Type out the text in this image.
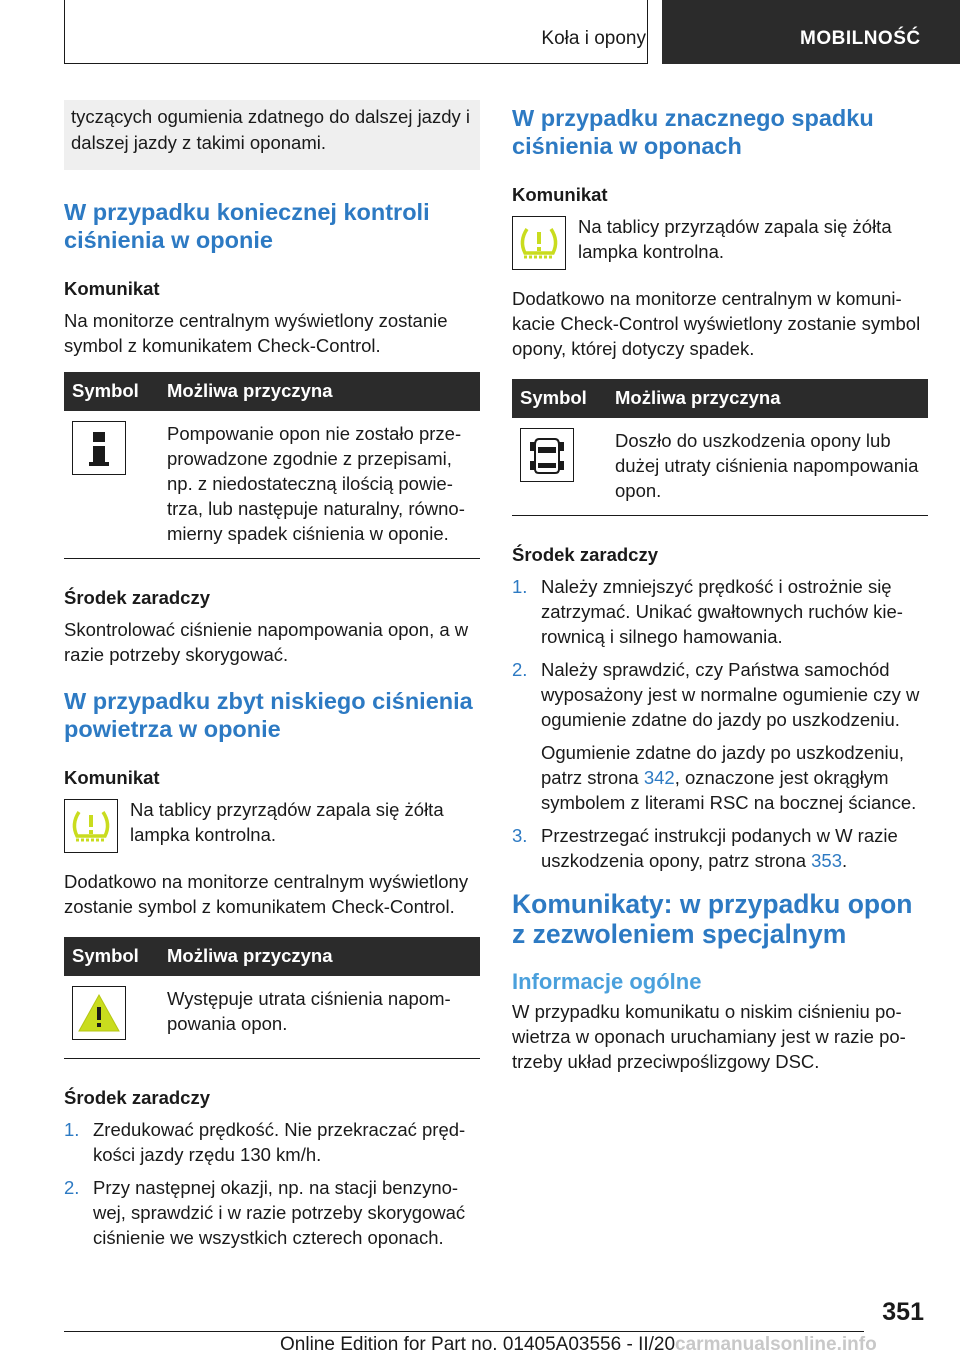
Koła i opony	MOBILNOŚĆ
tyczących ogumienia zdatnego do dalszej jazdy i dalszej jazdy z takimi oponami.
W przypadku koniecznej kontroli ciśnienia w oponie
Komunikat

Na monitorze centralnym wyświetlony zostanie symbol z komunikatem Check-Control.

Symbol	Możliwa przyczyna

	Pompowanie opon nie zostało przeprowadzone zgodnie z przepisami, np. z niedostateczną ilością powietrza, lub następuje naturalny, równomierny spadek ciśnienia w oponie.
Środek zaradczy

Skontrolować ciśnienie napompowania opon, a w razie potrzeby skorygować.

W przypadku zbyt niskiego ciśnienia powietrza w oponie
Komunikat
Na tablicy przyrządów zapala się żółta lampka kontrolna.

Dodatkowo na monitorze centralnym wyświetlony zostanie symbol z komunikatem Check-Control.

Symbol	Możliwa przyczyna

	Występuje utrata ciśnienia napompowania opon.
Środek zaradczy
1. Zredukować prędkość. Nie przekraczać prędkości jazdy rzędu 130 km/h.
2. Przy następnej okazji, np. na stacji benzynowej, sprawdzić i w razie potrzeby skorygować ciśnienie we wszystkich czterech oponach.
W przypadku znacznego spadku ciśnienia w oponach
Komunikat
Na tablicy przyrządów zapala się żółta lampka kontrolna.

Dodatkowo na monitorze centralnym w komunikacie Check-Control wyświetlony zostanie symbol opony, której dotyczy spadek.

Symbol	Możliwa przyczyna

	Doszło do uszkodzenia opony lub dużej utraty ciśnienia napompowania opon.
Środek zaradczy
1. Należy zmniejszyć prędkość i ostrożnie się zatrzymać. Unikać gwałtownych ruchów kierownicą i silnego hamowania.
2. Należy sprawdzić, czy Państwa samochód wyposażony jest w normalne ogumienie czy w ogumienie zdatne do jazdy po uszkodzeniu.
Ogumienie zdatne do jazdy po uszkodzeniu, patrz strona 342, oznaczone jest okrągłym symbolem z literami RSC na bocznej ściance.
3. Przestrzegać instrukcji podanych w W razie uszkodzenia opony, patrz strona 353.
Komunikaty: w przypadku opon z zezwoleniem specjalnym
Informacje ogólne

W przypadku komunikatu o niskim ciśnieniu powietrza w oponach uruchamiany jest w razie potrzeby układ przeciwpoślizgowy DSC.

351
Online Edition for Part no. 01405A03556 - II/20carmanualsonline.info
